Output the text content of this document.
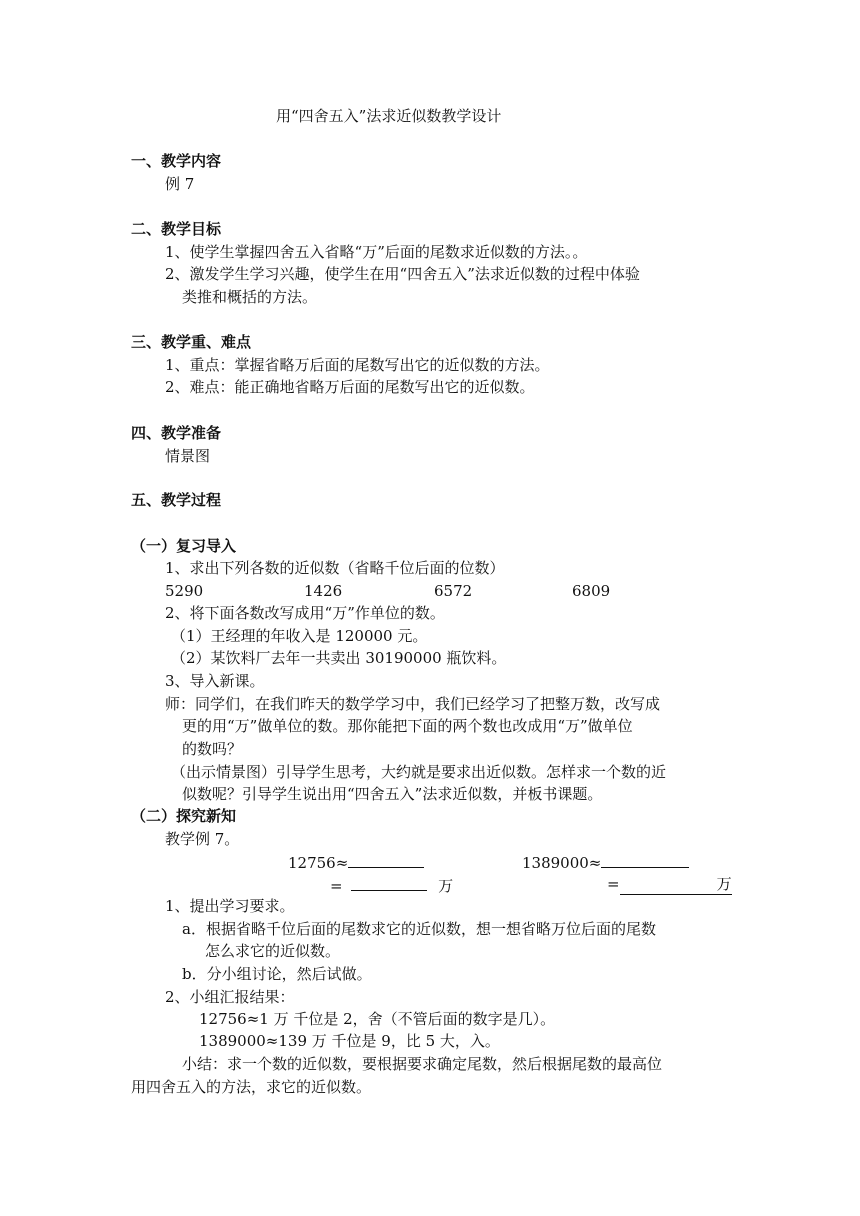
用“四舍五入”法求近似数教学设计
一、教学内容
例 7
二、教学目标
1、使学生掌握四舍五入省略“万”后面的尾数求近似数的方法。。
2、激发学生学习兴趣，使学生在用“四舍五入”法求近似数的过程中体验
类推和概括的方法。
三、教学重、难点
1、重点：掌握省略万后面的尾数写出它的近似数的方法。
2、难点：能正确地省略万后面的尾数写出它的近似数。
四、教学准备
情景图
五、教学过程
（一）复习导入
1、求出下列各数的近似数（省略千位后面的位数）
5290	1426	6572	6809
2、将下面各数改写成用“万”作单位的数。
（1）王经理的年收入是 120000 元。
（2）某饮料厂去年一共卖出 30190000 瓶饮料。
3、导入新课。
师：同学们，在我们昨天的数学学习中，我们已经学习了把整万数，改写成
更的用“万”做单位的数。那你能把下面的两个数也改成用“万”做单位
的数吗？
（出示情景图）引导学生思考，大约就是要求出近似数。怎样求一个数的近
似数呢？引导学生说出用“四舍五入”法求近似数，并板书课题。
（二）探究新知
教学例 7。
12756≈	1389000≈
=	万	=	万
1、提出学习要求。
a．根据省略千位后面的尾数求它的近似数，想一想省略万位后面的尾数
怎么求它的近似数。
b．分小组讨论，然后试做。
2、小组汇报结果：
12756≈1 万 千位是 2，舍（不管后面的数字是几）。
1389000≈139 万 千位是 9，比 5 大，入。
小结：求一个数的近似数，要根据要求确定尾数，然后根据尾数的最高位
用四舍五入的方法，求它的近似数。
